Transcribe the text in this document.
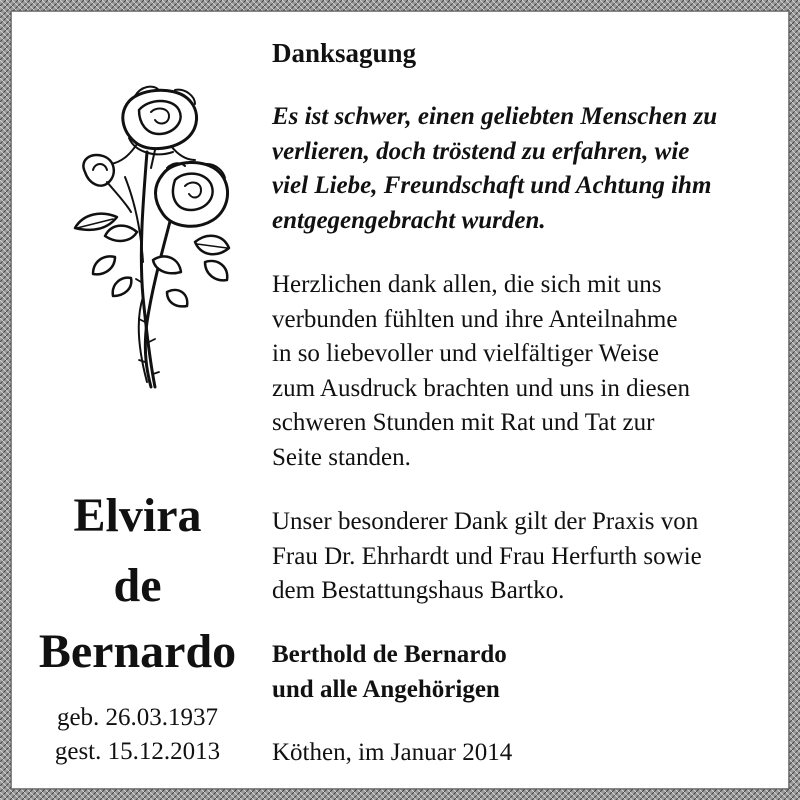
Elvira
de
Bernardo
geb. 26.03.1937
gest. 15.12.2013
Danksagung
Es ist schwer, einen geliebten Menschen zu
verlieren, doch tröstend zu erfahren, wie
viel Liebe, Freundschaft und Achtung ihm
entgegengebracht wurden.
Herzlichen dank allen, die sich mit uns
verbunden fühlten und ihre Anteilnahme
in so liebevoller und vielfältiger Weise
zum Ausdruck brachten und uns in diesen
schweren Stunden mit Rat und Tat zur
Seite standen.
Unser besonderer Dank gilt der Praxis von
Frau Dr. Ehrhardt und Frau Herfurth sowie
dem Bestattungshaus Bartko.
Berthold de Bernardo
und alle Angehörigen
Köthen, im Januar 2014
